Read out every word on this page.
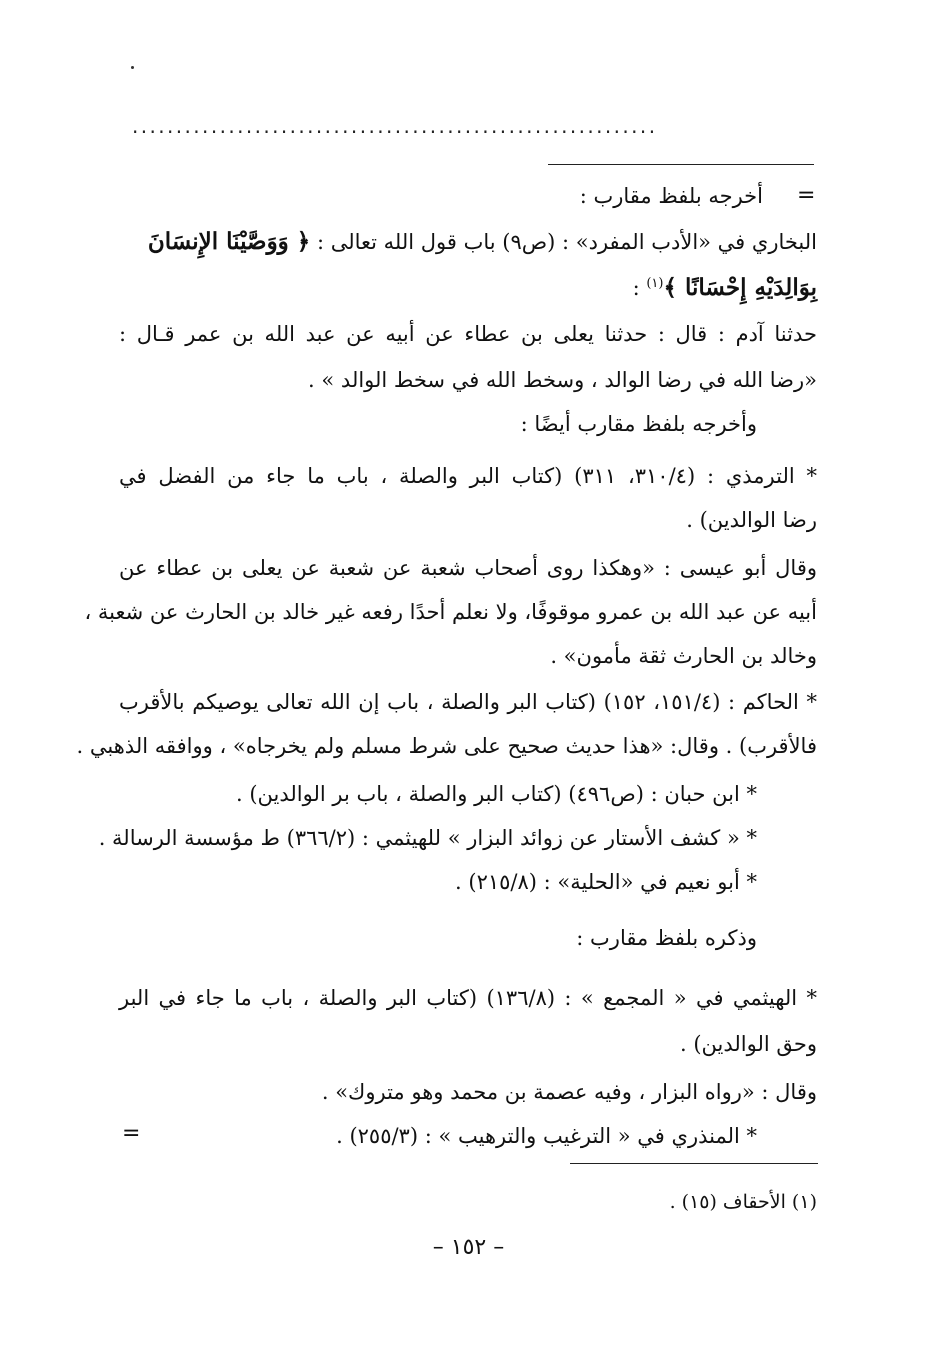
............................................................
=
أخرجه بلفظ مقارب :
البخاري في «الأدب المفرد» : (ص٩) باب قول الله تعالى : ﴿ وَوَصَّيْنَا الإِنسَانَ
بِوَالِدَيْهِ إِحْسَانًا ﴾$^{(١)}$ :
حدثنا آدم : قال : حدثنا يعلى بن عطاء عن أبيه عن عبد الله بن عمر قـال :
«رضا الله في رضا الوالد ، وسخط الله في سخط الوالد » .
وأخرجه بلفظ مقارب أيضًا :
* الترمذي : (٣١٠/٤، ٣١١) (كتاب البر والصلة ، باب ما جاء من الفضل في
رضا الوالدين) .
وقال أبو عيسى : «وهكذا روى أصحاب شعبة عن شعبة عن يعلى بن عطاء عن
أبيه عن عبد الله بن عمرو موقوفًا، ولا نعلم أحدًا رفعه غير خالد بن الحارث عن شعبة ،
وخالد بن الحارث ثقة مأمون» .
* الحاكم : (١٥١/٤، ١٥٢) (كتاب البر والصلة ، باب إن الله تعالى يوصيكم بالأقرب
فالأقرب) . وقال: «هذا حديث صحيح على شرط مسلم ولم يخرجاه» ، ووافقه الذهبي .
* ابن حبان : (ص٤٩٦) (كتاب البر والصلة ، باب بر الوالدين) .
* « كشف الأستار عن زوائد البزار » للهيثمي : (٣٦٦/٢) ط مؤسسة الرسالة .
* أبو نعيم في «الحلية» : (٢١٥/٨) .
وذكره بلفظ مقارب :
* الهيثمي في « المجمع » : (١٣٦/٨) (كتاب البر والصلة ، باب ما جاء في البر
وحق الوالدين) .
وقال : «رواه البزار ، وفيه عصمة بن محمد وهو متروك» .
* المنذري في « الترغيب والترهيب » : (٢٥٥/٣) .
=
(١) الأحقاف (١٥) .
– ١٥٢ –
